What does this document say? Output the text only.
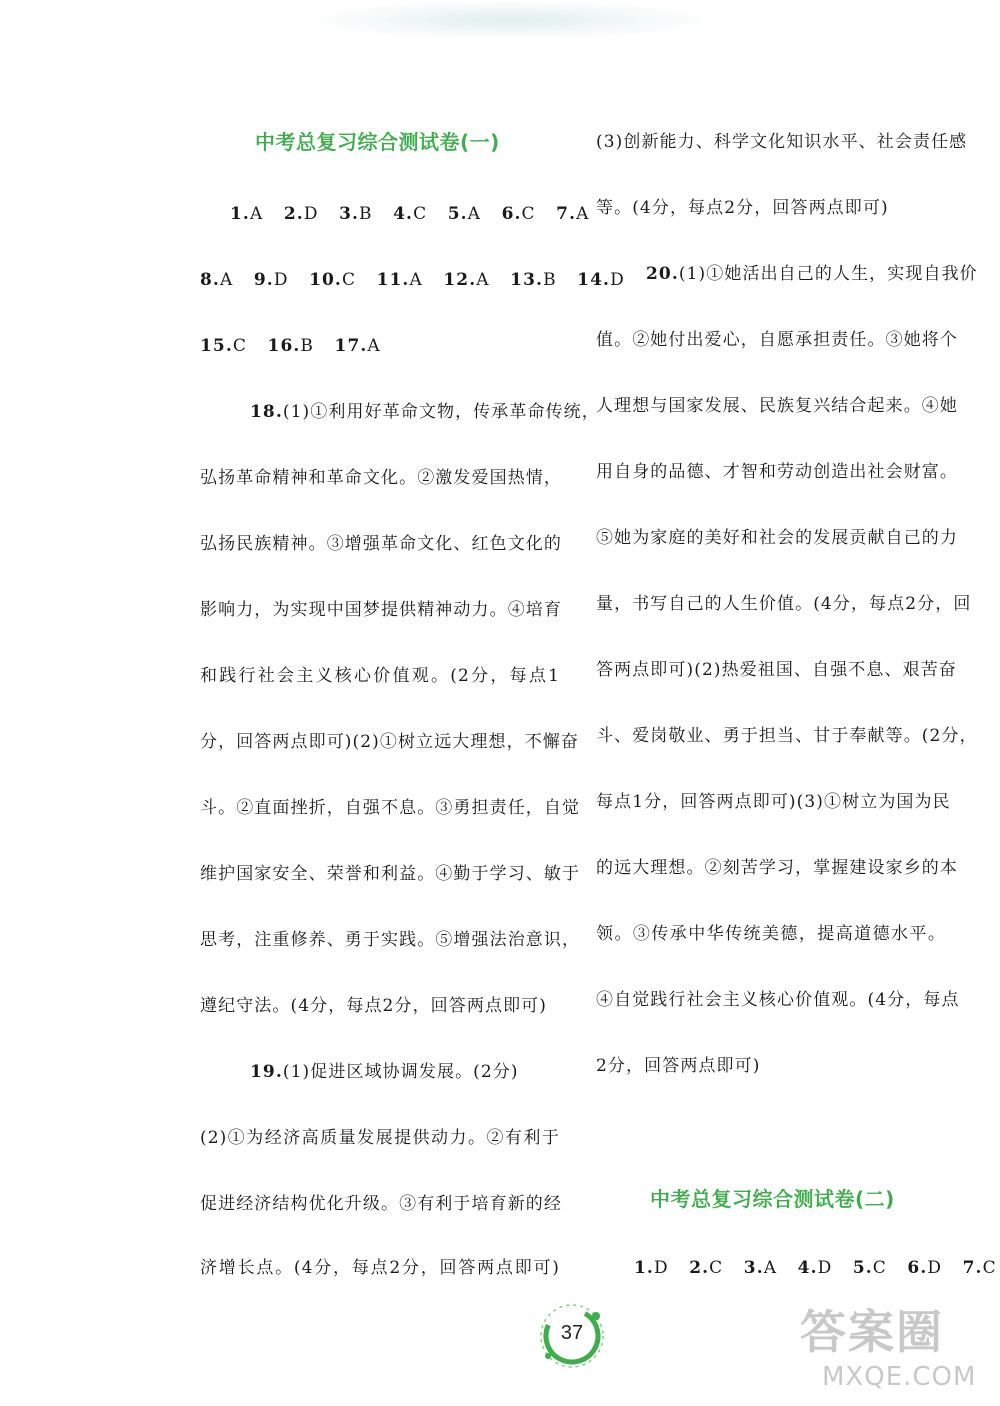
中考总复习综合测试卷(一)
1.A 2.D 3.B 4.C 5.A 6.C 7.A
8.A 9.D 10.C 11.A 12.A 13.B 14.D
15.C 16.B 17.A
18.(1)①利用好革命文物，传承革命传统，
弘扬革命精神和革命文化。②激发爱国热情，
弘扬民族精神。③增强革命文化、红色文化的
影响力，为实现中国梦提供精神动力。④培育
和践行社会主义核心价值观。(2分，每点1
分，回答两点即可)(2)①树立远大理想，不懈奋
斗。②直面挫折，自强不息。③勇担责任，自觉
维护国家安全、荣誉和利益。④勤于学习、敏于
思考，注重修养、勇于实践。⑤增强法治意识，
遵纪守法。(4分，每点2分，回答两点即可)
19.(1)促进区域协调发展。(2分)
(2)①为经济高质量发展提供动力。②有利于
促进经济结构优化升级。③有利于培育新的经
济增长点。(4分，每点2分，回答两点即可)
(3)创新能力、科学文化知识水平、社会责任感
等。(4分，每点2分，回答两点即可)
20.(1)①她活出自己的人生，实现自我价
值。②她付出爱心，自愿承担责任。③她将个
人理想与国家发展、民族复兴结合起来。④她
用自身的品德、才智和劳动创造出社会财富。
⑤她为家庭的美好和社会的发展贡献自己的力
量，书写自己的人生价值。(4分，每点2分，回
答两点即可)(2)热爱祖国、自强不息、艰苦奋
斗、爱岗敬业、勇于担当、甘于奉献等。(2分，
每点1分，回答两点即可)(3)①树立为国为民
的远大理想。②刻苦学习，掌握建设家乡的本
领。③传承中华传统美德，提高道德水平。
④自觉践行社会主义核心价值观。(4分，每点
2分，回答两点即可)
中考总复习综合测试卷(二)
1.D 2.C 3.A 4.D 5.C 6.D 7.C
37	答案圈
MXQE.COM
